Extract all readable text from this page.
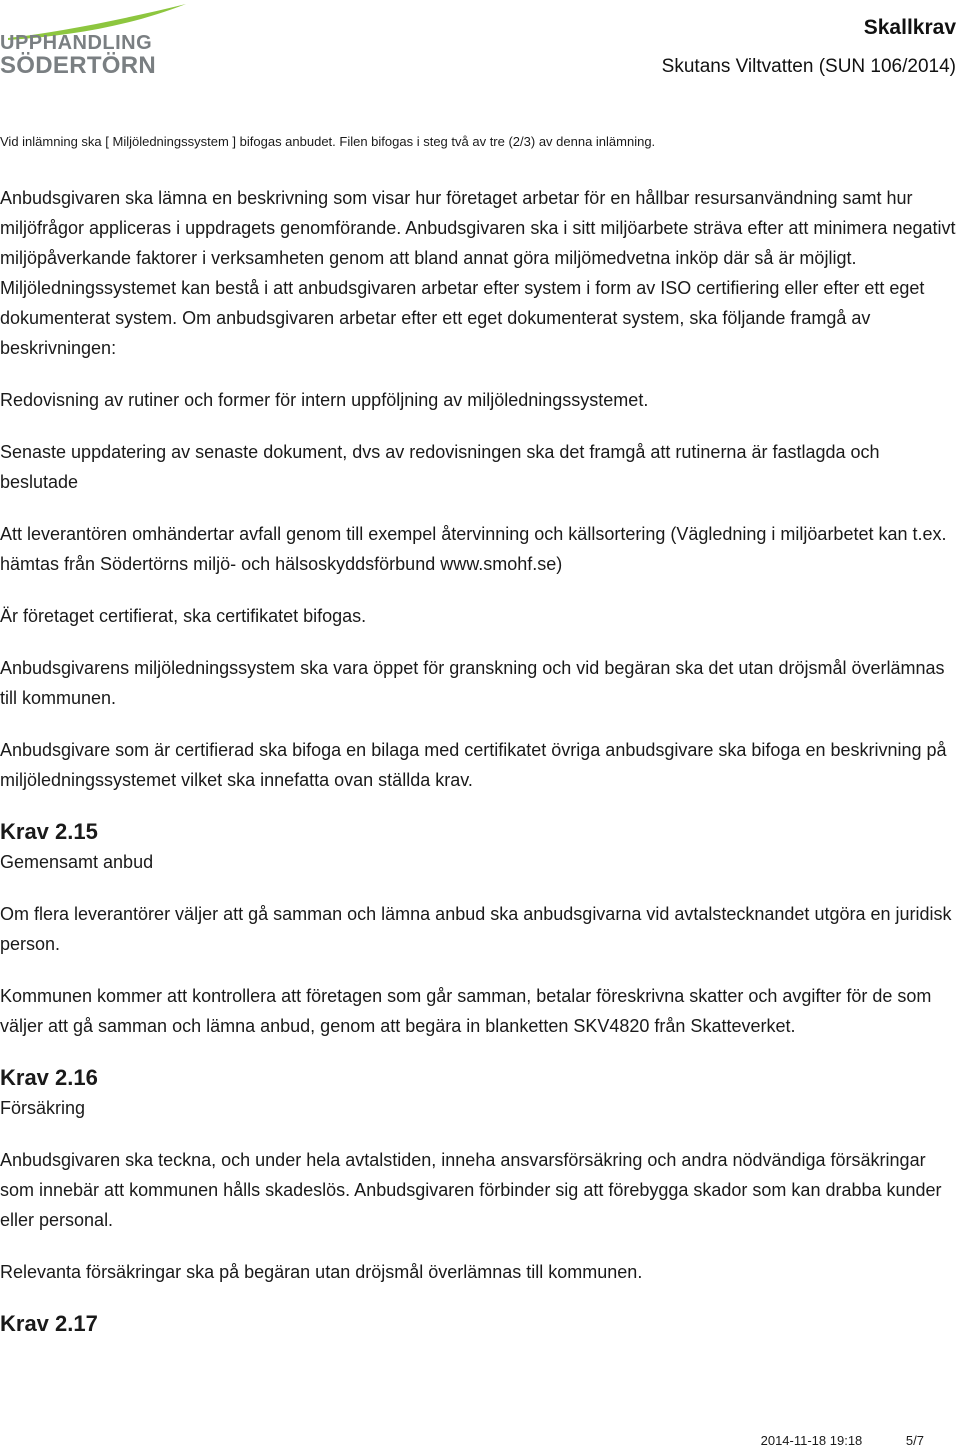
UPPHANDLING
SÖDERTÖRN
Skallkrav
Skutans Viltvatten (SUN 106/2014)
Vid inlämning ska [ Miljöledningssystem ] bifogas anbudet. Filen bifogas i steg två av tre (2/3) av denna inlämning.

Anbudsgivaren ska lämna en beskrivning som visar hur företaget arbetar för en hållbar resursanvändning samt hur miljöfrågor appliceras i uppdragets genomförande. Anbudsgivaren ska i sitt miljöarbete sträva efter att minimera negativt miljöpåverkande faktorer i verksamheten genom att bland annat göra miljömedvetna inköp där så är möjligt. Miljöledningssystemet kan bestå i att anbudsgivaren arbetar efter system i form av ISO certifiering eller efter ett eget dokumenterat system. Om anbudsgivaren arbetar efter ett eget dokumenterat system, ska följande framgå av beskrivningen:

Redovisning av rutiner och former för intern uppföljning av miljöledningssystemet.

Senaste uppdatering av senaste dokument, dvs av redovisningen ska det framgå att rutinerna är fastlagda och beslutade

Att leverantören omhändertar avfall genom till exempel återvinning och källsortering (Vägledning i miljöarbetet kan t.ex. hämtas från Södertörns miljö- och hälsoskyddsförbund www.smohf.se)

Är företaget certifierat, ska certifikatet bifogas.

Anbudsgivarens miljöledningssystem ska vara öppet för granskning och vid begäran ska det utan dröjsmål överlämnas till kommunen.

Anbudsgivare som är certifierad ska bifoga en bilaga med certifikatet övriga anbudsgivare ska bifoga en beskrivning på miljöledningssystemet vilket ska innefatta ovan ställda krav.

Krav 2.15
Gemensamt anbud

Om flera leverantörer väljer att gå samman och lämna anbud ska anbudsgivarna vid avtalstecknandet utgöra en juridisk person.

Kommunen kommer att kontrollera att företagen som går samman, betalar föreskrivna skatter och avgifter för de som väljer att gå samman och lämna anbud, genom att begära in blanketten SKV4820 från Skatteverket.

Krav 2.16
Försäkring

Anbudsgivaren ska teckna, och under hela avtalstiden, inneha ansvarsförsäkring och andra nödvändiga försäkringar som innebär att kommunen hålls skadeslös. Anbudsgivaren förbinder sig att förebygga skador som kan drabba kunder eller personal.

Relevanta försäkringar ska på begäran utan dröjsmål överlämnas till kommunen.

Krav 2.17
2014-11-18 19:18	5/7
